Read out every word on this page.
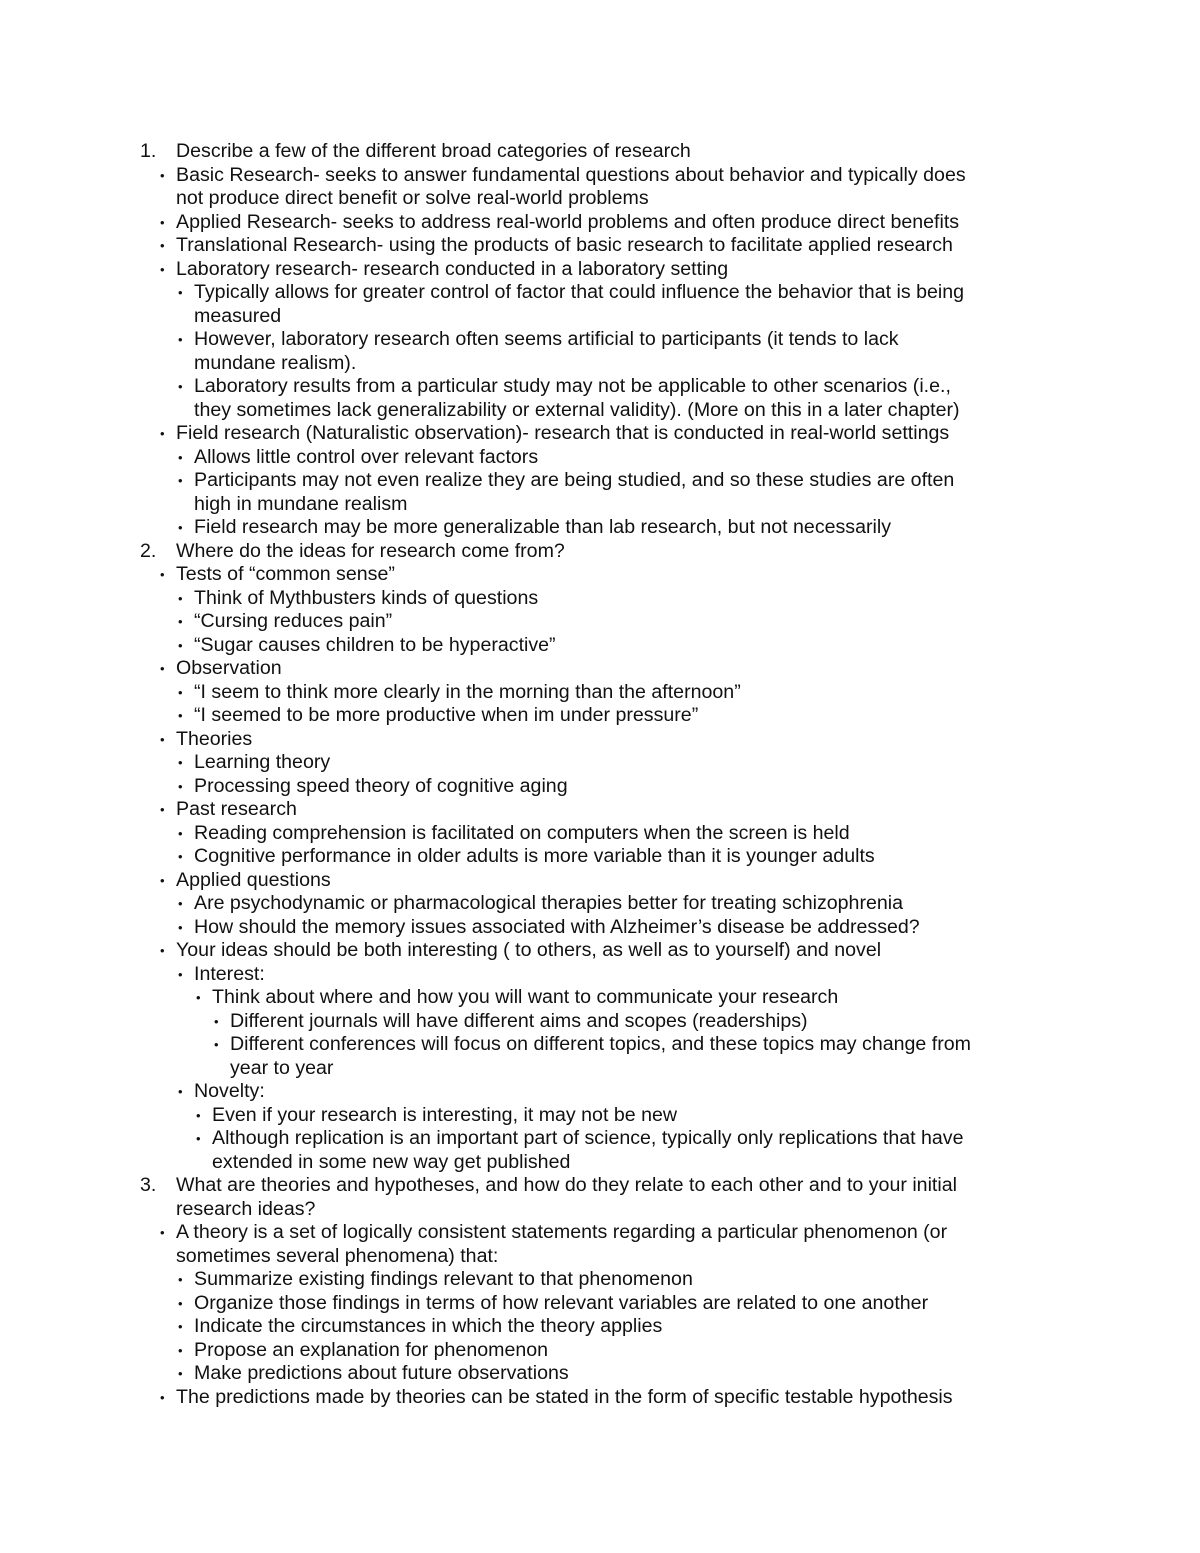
1. Describe a few of the different broad categories of research
• Basic Research- seeks to answer fundamental questions about behavior and typically does
not produce direct benefit or solve real-world problems
• Applied Research- seeks to address real-world problems and often produce direct benefits
• Translational Research- using the products of basic research to facilitate applied research
• Laboratory research- research conducted in a laboratory setting
• Typically allows for greater control of factor that could influence the behavior that is being
measured
• However, laboratory research often seems artificial to participants (it tends to lack
mundane realism).
• Laboratory results from a particular study may not be applicable to other scenarios (i.e.,
they sometimes lack generalizability or external validity). (More on this in a later chapter)
• Field research (Naturalistic observation)- research that is conducted in real-world settings
• Allows little control over relevant factors
• Participants may not even realize they are being studied, and so these studies are often
high in mundane realism
• Field research may be more generalizable than lab research, but not necessarily
2. Where do the ideas for research come from?
• Tests of “common sense”
• Think of Mythbusters kinds of questions
• “Cursing reduces pain”
• “Sugar causes children to be hyperactive”
• Observation
• “I seem to think more clearly in the morning than the afternoon”
• “I seemed to be more productive when im under pressure”
• Theories
• Learning theory
• Processing speed theory of cognitive aging
• Past research
• Reading comprehension is facilitated on computers when the screen is held
• Cognitive performance in older adults is more variable than it is younger adults
• Applied questions
• Are psychodynamic or pharmacological therapies better for treating schizophrenia
• How should the memory issues associated with Alzheimer’s disease be addressed?
• Your ideas should be both interesting ( to others, as well as to yourself) and novel
• Interest:
• Think about where and how you will want to communicate your research
• Different journals will have different aims and scopes (readerships)
• Different conferences will focus on different topics, and these topics may change from
year to year
• Novelty:
• Even if your research is interesting, it may not be new
• Although replication is an important part of science, typically only replications that have
extended in some new way get published
3. What are theories and hypotheses, and how do they relate to each other and to your initial
research ideas?
• A theory is a set of logically consistent statements regarding a particular phenomenon (or
sometimes several phenomena) that:
• Summarize existing findings relevant to that phenomenon
• Organize those findings in terms of how relevant variables are related to one another
• Indicate the circumstances in which the theory applies
• Propose an explanation for phenomenon
• Make predictions about future observations
• The predictions made by theories can be stated in the form of specific testable hypothesis
